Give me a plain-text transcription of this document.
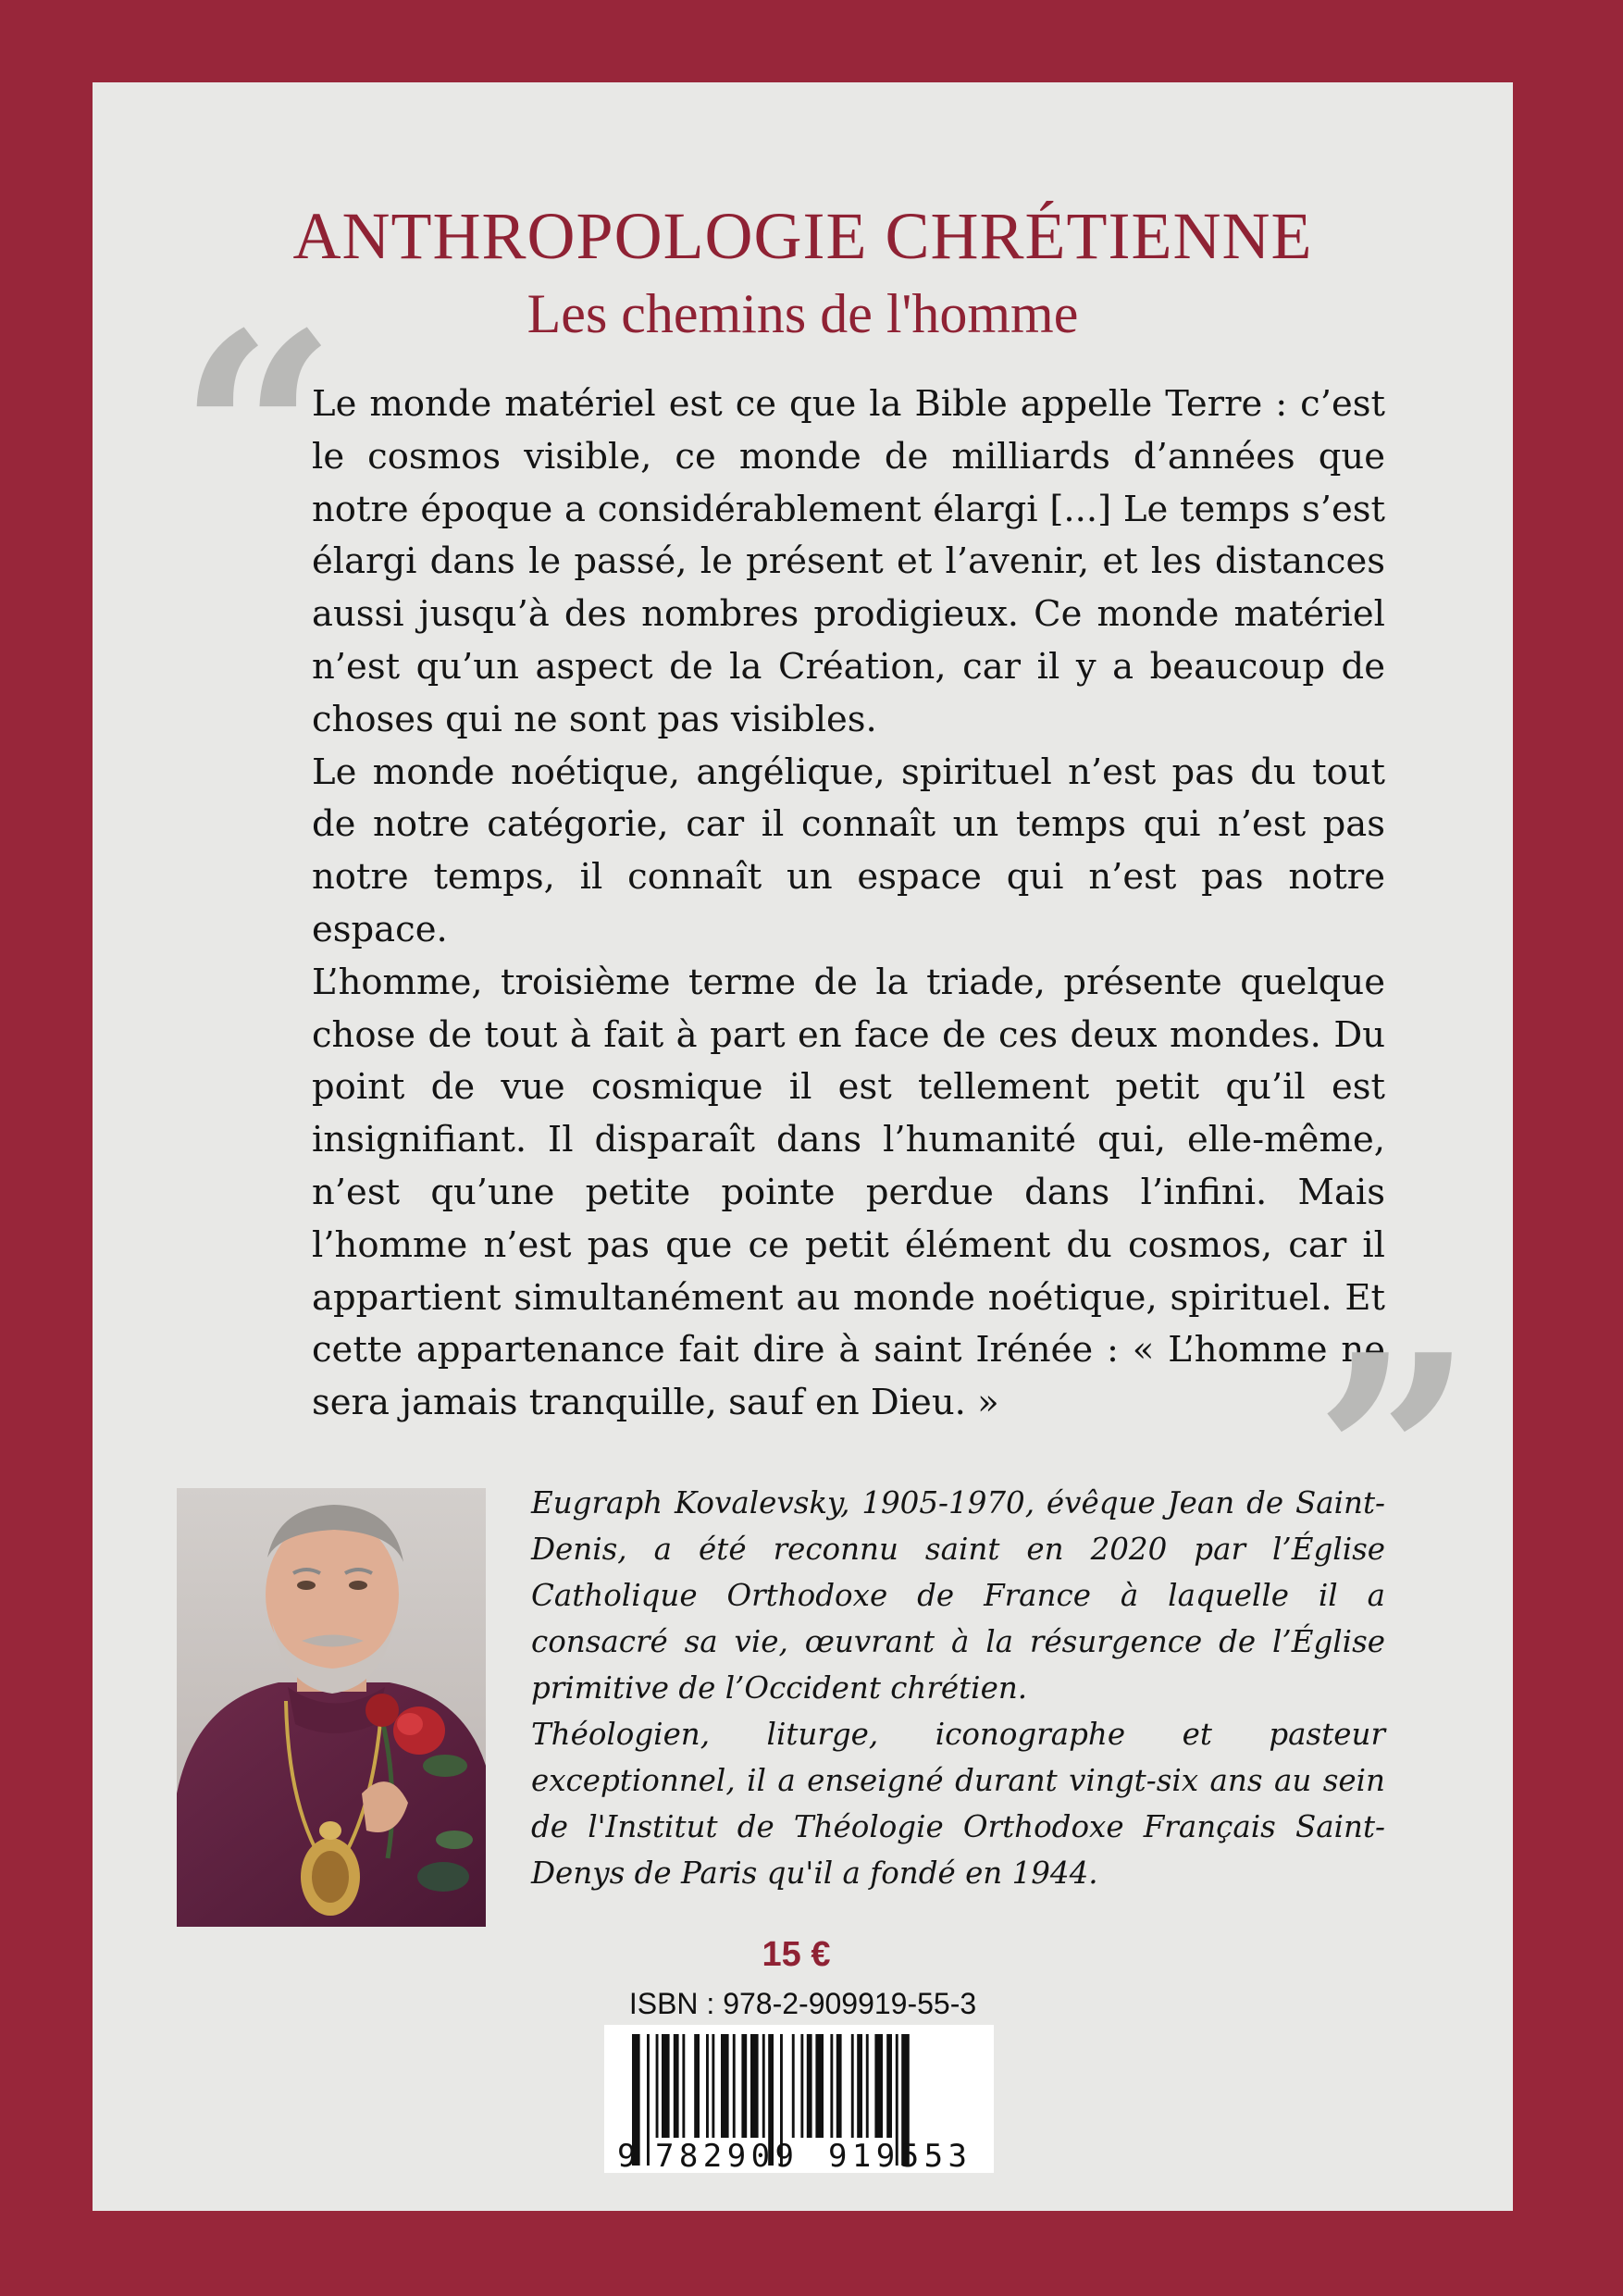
ANTHROPOLOGIE CHRÉTIENNE
Les chemins de l'homme
“

Le monde matériel est ce que la Bible appelle Terre : c’est le cosmos visible, ce monde de milliards d’années que notre époque a considérablement élargi [...] Le temps s’est élargi dans le passé, le présent et l’avenir, et les distances aussi jusqu’à des nombres prodigieux. Ce monde matériel n’est qu’un aspect de la Création, car il y a beaucoup de choses qui ne sont pas visibles.

Le monde noétique, angélique, spirituel n’est pas du tout de notre catégorie, car il connaît un temps qui n’est pas notre temps, il connaît un espace qui n’est pas notre espace.

L’homme, troisième terme de la triade, présente quelque chose de tout à fait à part en face de ces deux mondes. Du point de vue cosmique il est tellement petit qu’il est insignifiant. Il disparaît dans l’humanité qui, elle-même, n’est qu’une petite pointe perdue dans l’infini. Mais l’homme n’est pas que ce petit élément du cosmos, car il appartient simultanément au monde noétique, spirituel. Et cette appartenance fait dire à saint Irénée : « L’homme ne sera jamais tranquille, sauf en Dieu. »	”

Eugraph Kovalevsky, 1905-1970, évêque Jean de Saint-Denis, a été reconnu saint en 2020 par l’Église Catholique Orthodoxe de France à laquelle il a consacré sa vie, œuvrant à la résurgence de l’Église primitive de l’Occident chrétien.

Théologien, liturge, iconographe et pasteur exceptionnel, il a enseigné durant vingt-six ans au sein de l'Institut de Théologie Orthodoxe Français Saint-Denys de Paris qu'il a fondé en 1944.

15 €
ISBN : 978-2-909919-55-3
9 782909 919553
